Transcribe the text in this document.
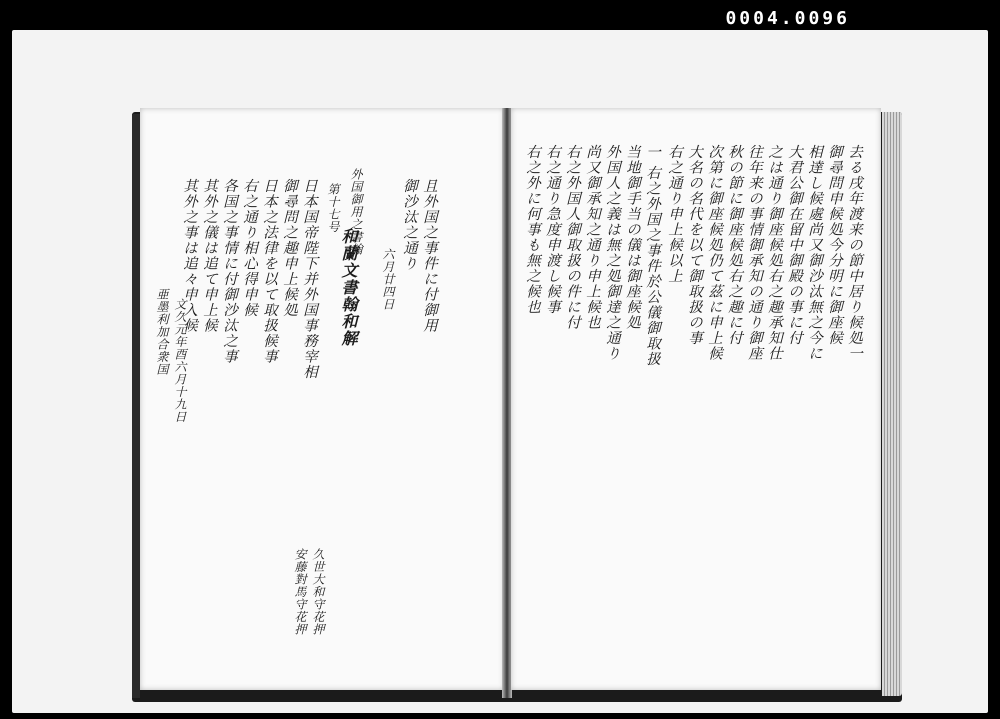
0004.0096
且外国之事件に付御用
御沙汰之通り
六月廿四日
外国御用之書翰
第十七号
和蘭文書翰和解
日本国帝陛下并外国事務宰相
御尋問之趣申上候処
日本之法律を以て取扱候事
右之通り相心得申候
各国之事情に付御沙汰之事
其外之儀は追て申上候
其外之事は追々申入候
文久元年酉六月十九日
亜墨利加合衆国
久世大和守花押
安藤對馬守花押
去る戌年渡来の節中居り候処一
御尋問申候処今分明に御座候
相達し候處尚又御沙汰無之今に
大君公御在留中御殿の事に付
之は通り御座候処右之趣承知仕
往年来の事情御承知の通り御座
秋の節に御座候処右之趣に付
次第に御座候処仍て茲に申上候
大名の名代を以て御取扱の事
右之通り申上候以上
一 右之外国之事件於公儀御取扱
当地御手当の儀は御座候処
外国人之義は無之処御達之通り
尚又御承知之通り申上候也
右之外国人御取扱の件に付
右之通り急度申渡し候事
右之外に何事も無之候也
